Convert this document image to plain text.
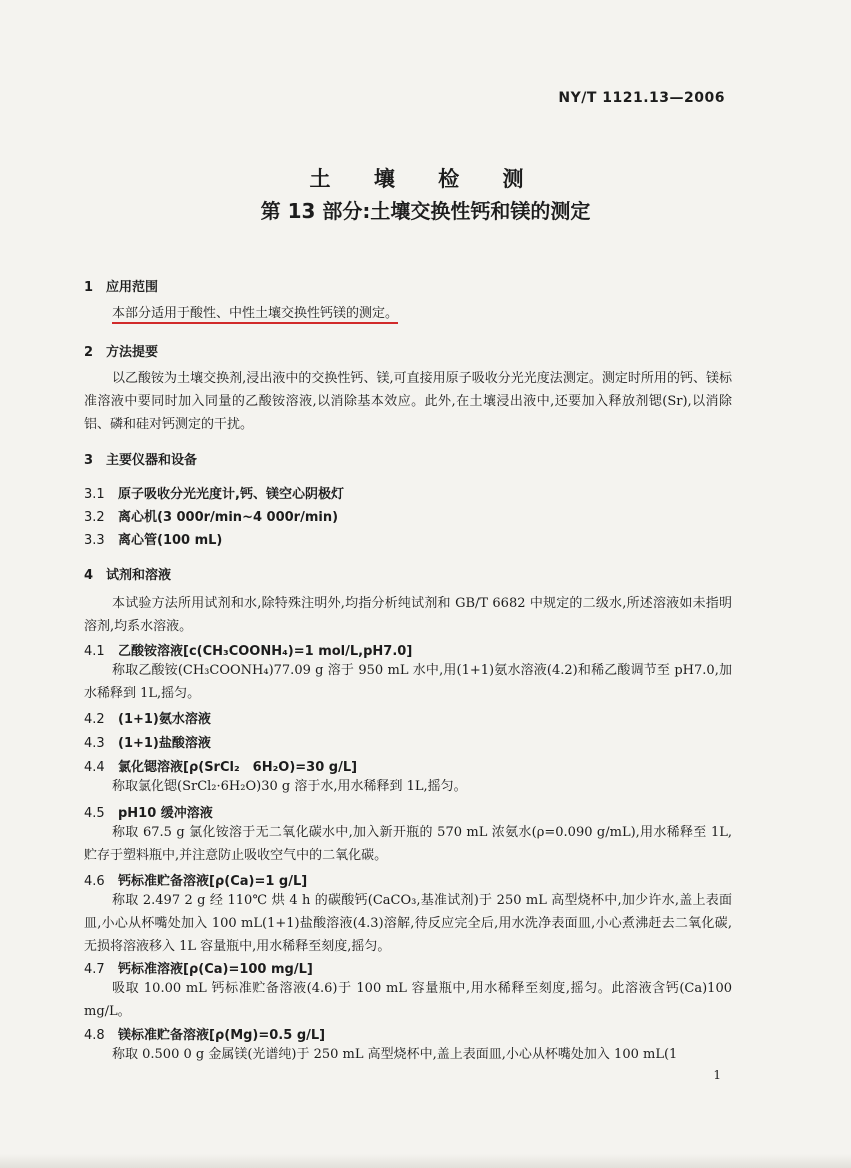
NY/T 1121.13—2006
土 壤 检 测
第 13 部分:土壤交换性钙和镁的测定
1 应用范围
本部分适用于酸性、中性土壤交换性钙镁的测定。
2 方法提要
以乙酸铵为土壤交换剂,浸出液中的交换性钙、镁,可直接用原子吸收分光光度法测定。测定时所用的钙、镁标准溶液中要同时加入同量的乙酸铵溶液,以消除基本效应。此外,在土壤浸出液中,还要加入释放剂锶(Sr),以消除铝、磷和硅对钙测定的干扰。
3 主要仪器和设备
3.1 原子吸收分光光度计,钙、镁空心阴极灯
3.2 离心机(3 000r/min~4 000r/min)
3.3 离心管(100 mL)
4 试剂和溶液
本试验方法所用试剂和水,除特殊注明外,均指分析纯试剂和 GB/T 6682 中规定的二级水,所述溶液如未指明溶剂,均系水溶液。
4.1 乙酸铵溶液[c(CH₃COONH₄)=1 mol/L,pH7.0]
称取乙酸铵(CH₃COONH₄)77.09 g 溶于 950 mL 水中,用(1+1)氨水溶液(4.2)和稀乙酸调节至 pH7.0,加水稀释到 1L,摇匀。
4.2 (1+1)氨水溶液
4.3 (1+1)盐酸溶液
4.4 氯化锶溶液[ρ(SrCl₂　6H₂O)=30 g/L]
称取氯化锶(SrCl₂·6H₂O)30 g 溶于水,用水稀释到 1L,摇匀。
4.5 pH10 缓冲溶液
称取 67.5 g 氯化铵溶于无二氧化碳水中,加入新开瓶的 570 mL 浓氨水(ρ=0.090 g/mL),用水稀释至 1L,贮存于塑料瓶中,并注意防止吸收空气中的二氧化碳。
4.6 钙标准贮备溶液[ρ(Ca)=1 g/L]
称取 2.497 2 g 经 110℃ 烘 4 h 的碳酸钙(CaCO₃,基准试剂)于 250 mL 高型烧杯中,加少许水,盖上表面皿,小心从杯嘴处加入 100 mL(1+1)盐酸溶液(4.3)溶解,待反应完全后,用水洗净表面皿,小心煮沸赶去二氧化碳,无损将溶液移入 1L 容量瓶中,用水稀释至刻度,摇匀。
4.7 钙标准溶液[ρ(Ca)=100 mg/L]
吸取 10.00 mL 钙标准贮备溶液(4.6)于 100 mL 容量瓶中,用水稀释至刻度,摇匀。此溶液含钙(Ca)100 mg/L。
4.8 镁标准贮备溶液[ρ(Mg)=0.5 g/L]
称取 0.500 0 g 金属镁(光谱纯)于 250 mL 高型烧杯中,盖上表面皿,小心从杯嘴处加入 100 mL(1
1
